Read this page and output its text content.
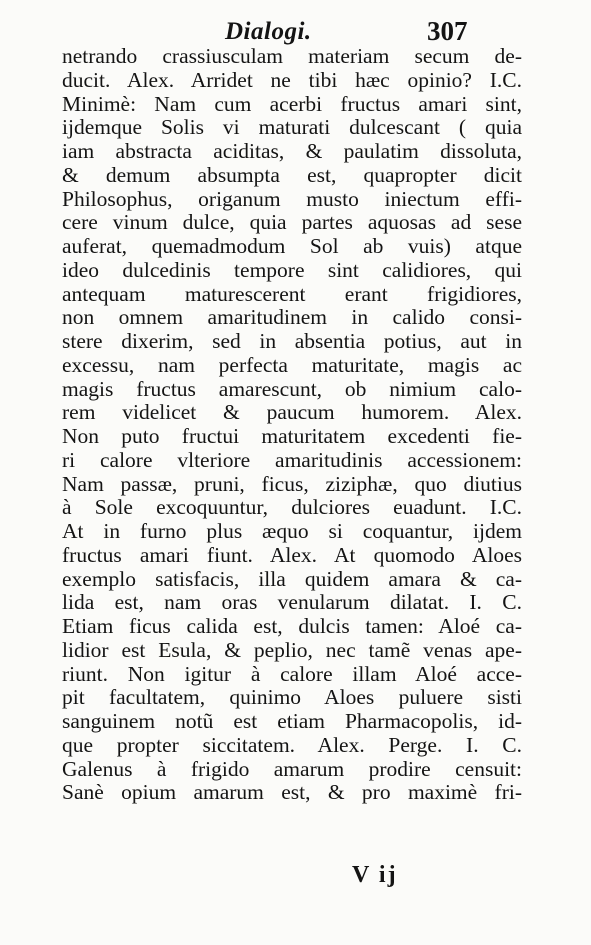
Dialogi.	307
netrando crassiusculam materiam secum de-
ducit. Alex. Arridet ne tibi hæc opinio? I.C.
Minimè: Nam cum acerbi fructus amari sint,
ijdemque Solis vi maturati dulcescant ( quia
iam abstracta aciditas, & paulatim dissoluta,
& demum absumpta est, quapropter dicit
Philosophus, origanum musto iniectum effi-
cere vinum dulce, quia partes aquosas ad sese
auferat, quemadmodum Sol ab vuis) atque
ideo dulcedinis tempore sint calidiores, qui
antequam maturescerent erant frigidiores,
non omnem amaritudinem in calido consi-
stere dixerim, sed in absentia potius, aut in
excessu, nam perfecta maturitate, magis ac
magis fructus amarescunt, ob nimium calo-
rem videlicet & paucum humorem. Alex.
Non puto fructui maturitatem excedenti fie-
ri calore vlteriore amaritudinis accessionem:
Nam passæ, pruni, ficus, ziziphæ, quo diutius
à Sole excoquuntur, dulciores euadunt. I.C.
At in furno plus æquo si coquantur, ijdem
fructus amari fiunt. Alex. At quomodo Aloes
exemplo satisfacis, illa quidem amara & ca-
lida est, nam oras venularum dilatat. I. C.
Etiam ficus calida est, dulcis tamen: Aloé ca-
lidior est Esula, & peplio, nec tamẽ venas ape-
riunt. Non igitur à calore illam Aloé acce-
pit facultatem, quinimo Aloes puluere sisti
sanguinem notũ est etiam Pharmacopolis, id-
que propter siccitatem. Alex. Perge. I. C.
Galenus à frigido amarum prodire censuit:
Sanè opium amarum est, & pro maximè fri-
V ij
